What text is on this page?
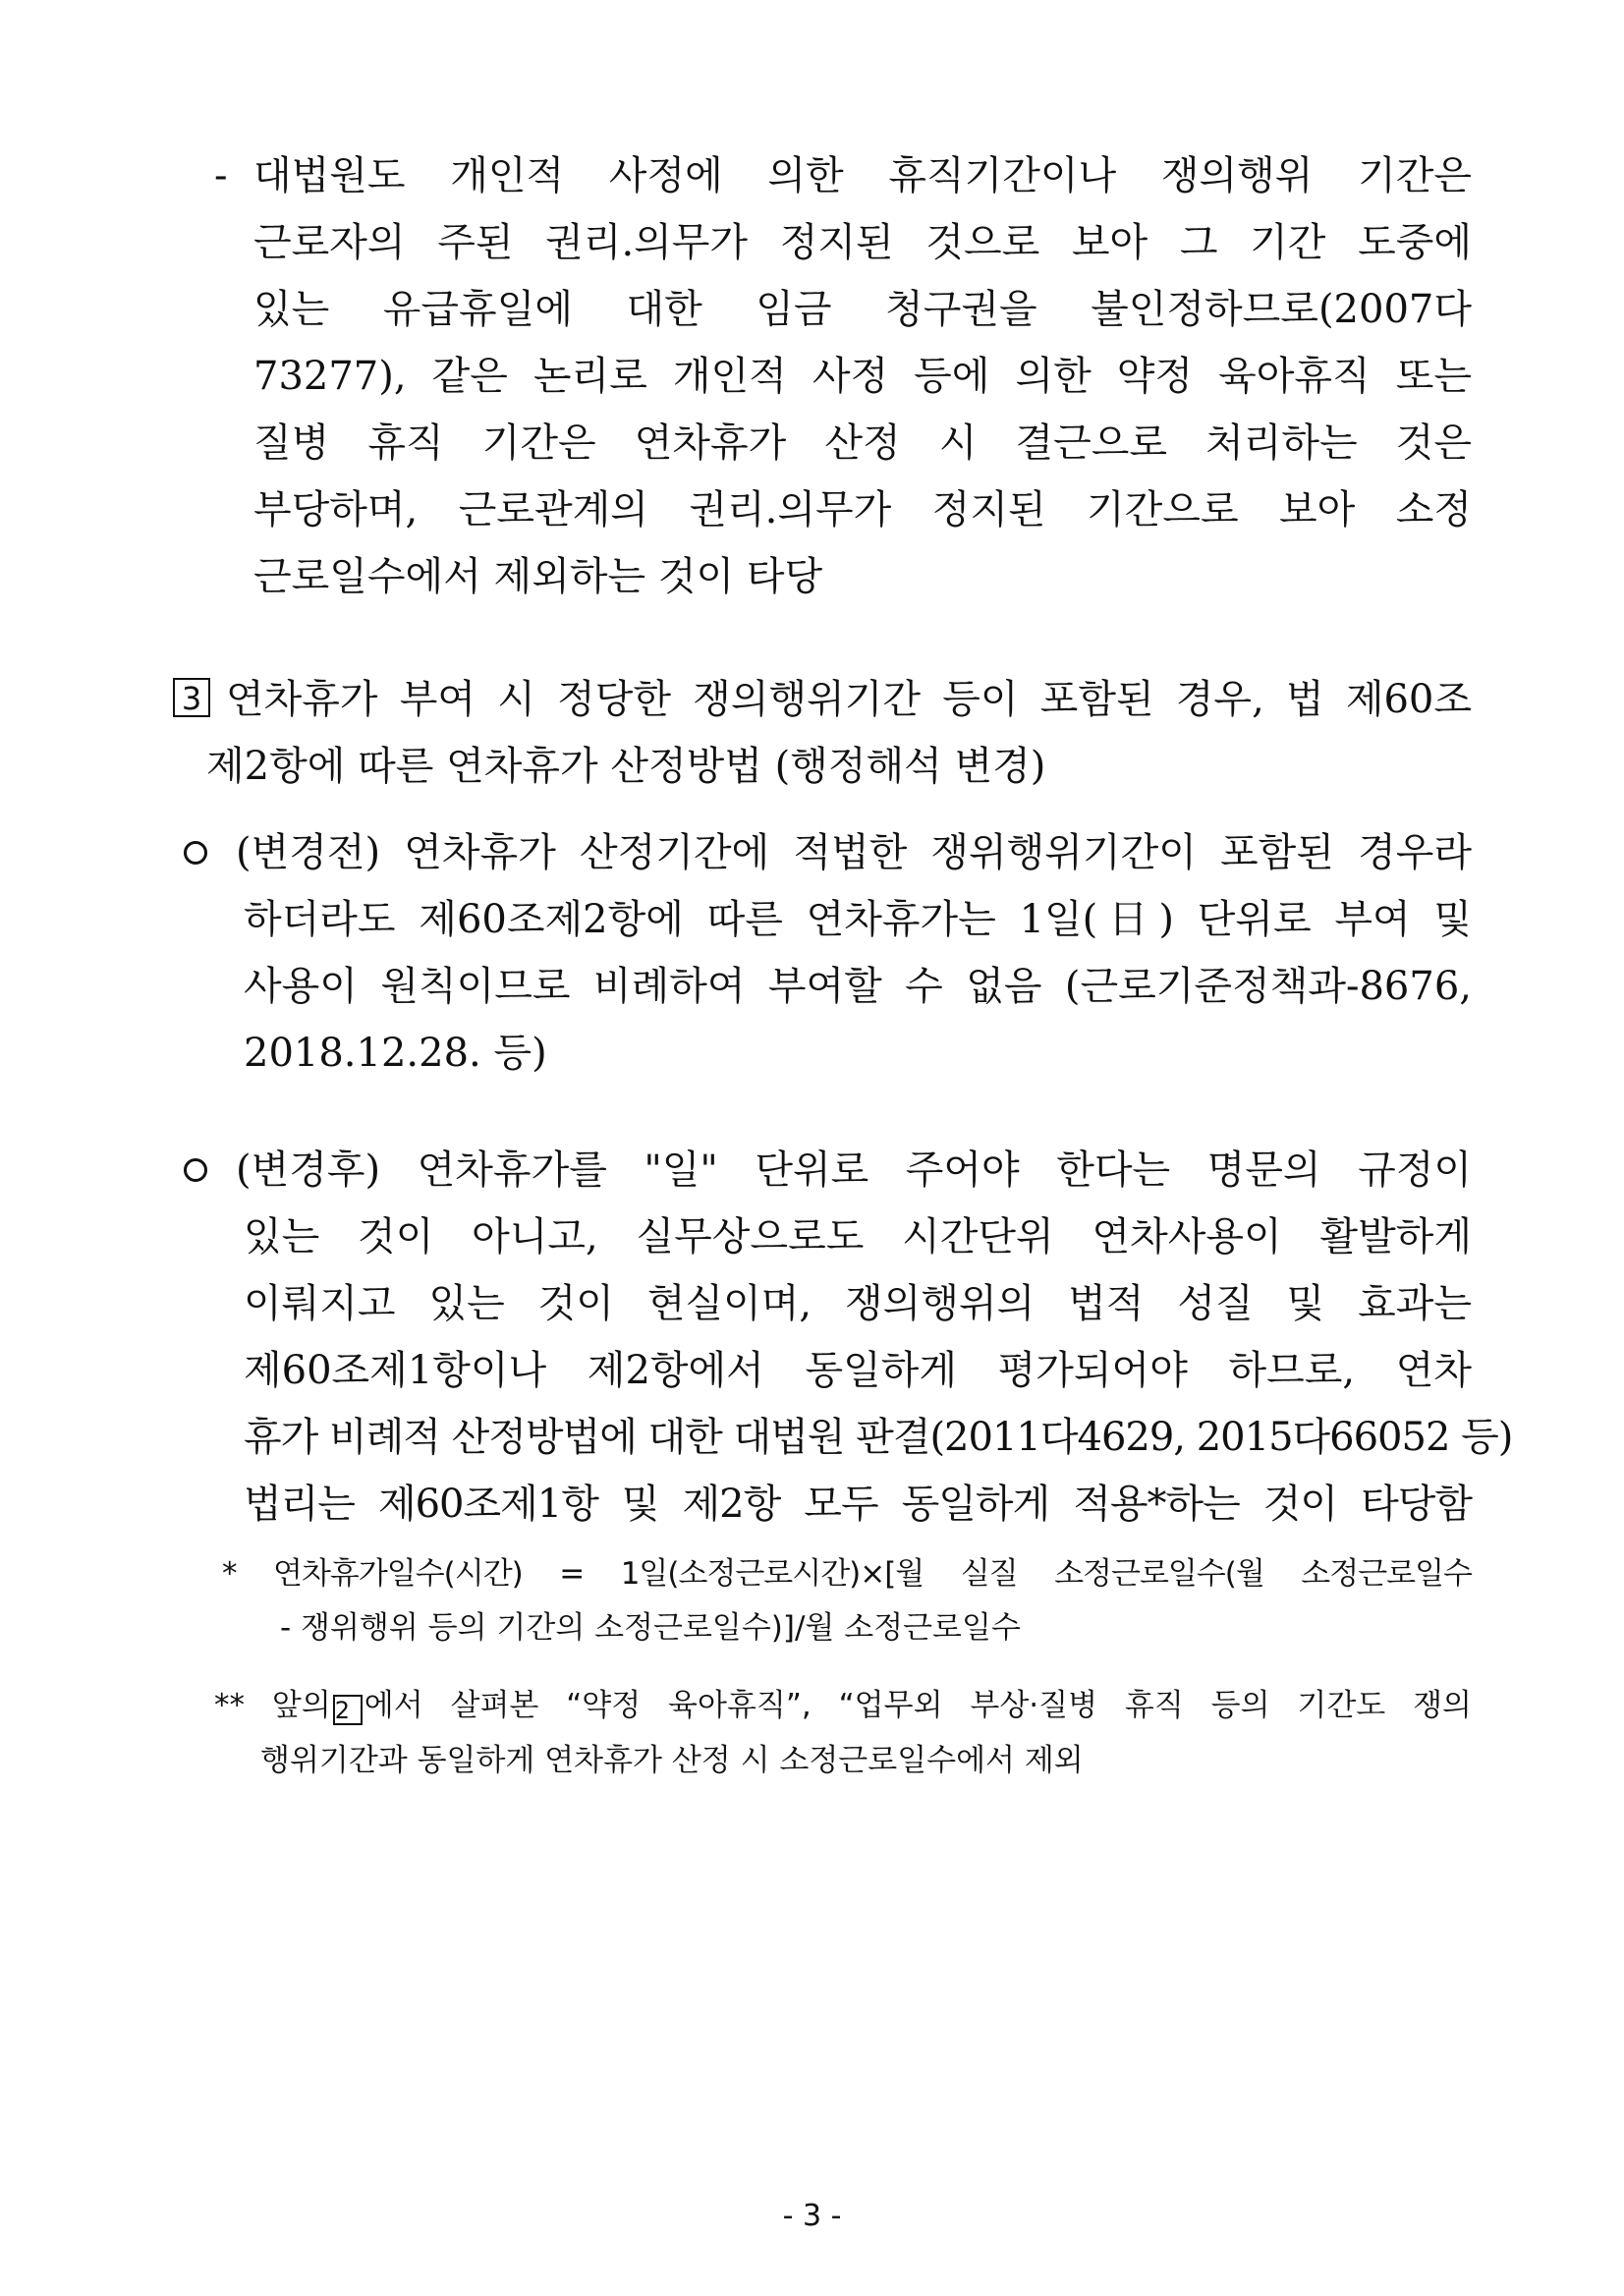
- 대법원도 개인적 사정에 의한 휴직기간이나 쟁의행위 기간은
근로자의 주된 권리.의무가 정지된 것으로 보아 그 기간 도중에
있는 유급휴일에 대한 임금 청구권을 불인정하므로(2007다
73277), 같은 논리로 개인적 사정 등에 의한 약정 육아휴직 또는
질병 휴직 기간은 연차휴가 산정 시 결근으로 처리하는 것은
부당하며, 근로관계의 권리.의무가 정지된 기간으로 보아 소정
근로일수에서 제외하는 것이 타당
3 연차휴가 부여 시 정당한 쟁의행위기간 등이 포함된 경우, 법 제60조
제2항에 따른 연차휴가 산정방법 (행정해석 변경)
(변경전) 연차휴가 산정기간에 적법한 쟁위행위기간이 포함된 경우라
하더라도 제60조제2항에 따른 연차휴가는 1일(日) 단위로 부여 및
사용이 원칙이므로 비례하여 부여할 수 없음 (근로기준정책과-8676,
2018.12.28. 등)
(변경후) 연차휴가를 "일" 단위로 주어야 한다는 명문의 규정이
있는 것이 아니고, 실무상으로도 시간단위 연차사용이 활발하게
이뤄지고 있는 것이 현실이며, 쟁의행위의 법적 성질 및 효과는
제60조제1항이나 제2항에서 동일하게 평가되어야 하므로, 연차
휴가 비례적 산정방법에 대한 대법원 판결(2011다4629, 2015다66052 등)
법리는 제60조제1항 및 제2항 모두 동일하게 적용*하는 것이 타당함
* 연차휴가일수(시간) = 1일(소정근로시간)×[월 실질 소정근로일수(월 소정근로일수
- 쟁위행위 등의 기간의 소정근로일수)]/월 소정근로일수
** 앞의 2 에서 살펴본 “약정 육아휴직”, “업무외 부상·질병 휴직 등의 기간도 쟁의
행위기간과 동일하게 연차휴가 산정 시 소정근로일수에서 제외
- 3 -
